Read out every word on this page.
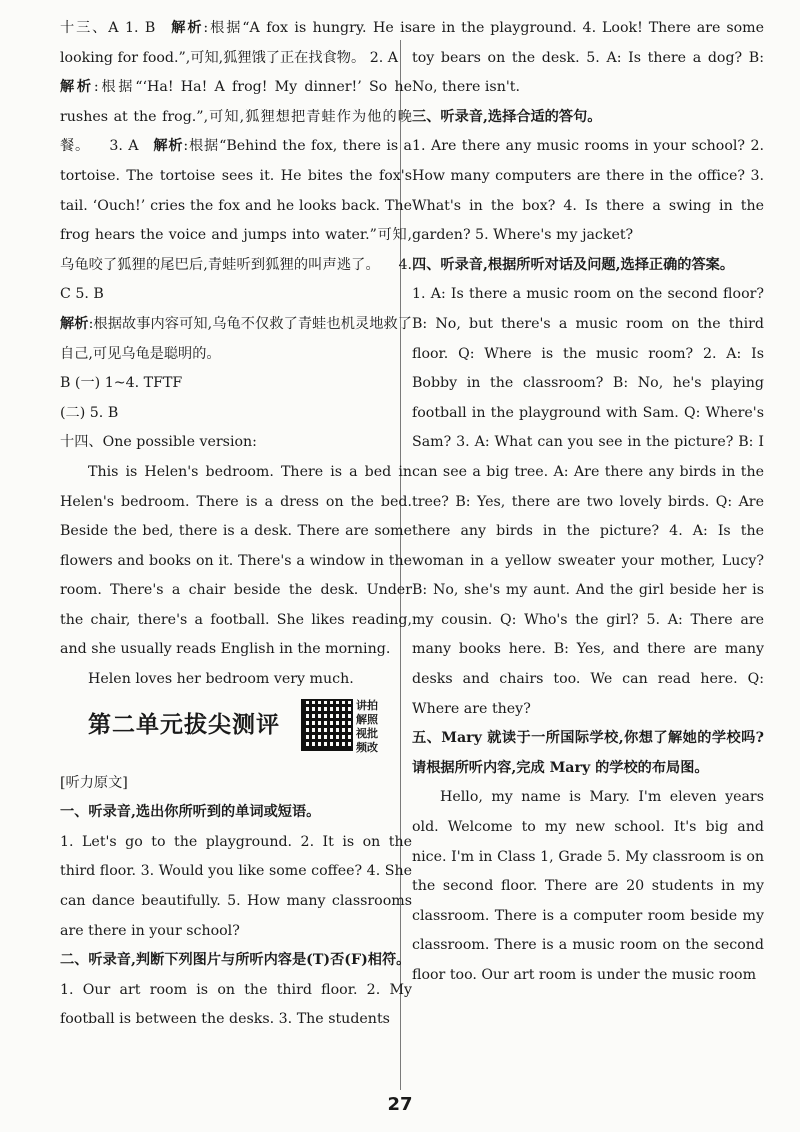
十三、A 1. B 解析:根据“A fox is hungry. He is looking for food.”,可知,狐狸饿了正在找食物。 2. A解析:根据“‘Ha! Ha! A frog! My dinner!’ So he rushes at the frog.”,可知,狐狸想把青蛙作为他的晚餐。 3. A 解析:根据“Behind the fox, there is a tortoise. The tortoise sees it. He bites the fox's tail. ‘Ouch!’ cries the fox and he looks back. The frog hears the voice and jumps into water.”可知,乌龟咬了狐狸的尾巴后,青蛙听到狐狸的叫声逃了。 4. C 5. B

解析:根据故事内容可知,乌龟不仅救了青蛙也机灵地救了自己,可见乌龟是聪明的。

B (一) 1~4. TFTF

(二) 5. B

十四、One possible version:

This is Helen's bedroom. There is a bed in Helen's bedroom. There is a dress on the bed. Beside the bed, there is a desk. There are some flowers and books on it. There's a window in the room. There's a chair beside the desk. Under the chair, there's a football. She likes reading, and she usually reads English in the morning.

Helen loves her bedroom very much.

第二单元拔尖测评
讲拍 解照 视批 频改

[听力原文]

一、听录音,选出你所听到的单词或短语。

1. Let's go to the playground. 2. It is on the third floor. 3. Would you like some coffee? 4. She can dance beautifully. 5. How many classrooms are there in your school?

二、听录音,判断下列图片与所听内容是(T)否(F)相符。

1. Our art room is on the third floor. 2. My football is between the desks. 3. The students

are in the playground. 4. Look! There are some toy bears on the desk. 5. A: Is there a dog? B: No, there isn't.

三、听录音,选择合适的答句。

1. Are there any music rooms in your school? 2. How many computers are there in the office? 3. What's in the box? 4. Is there a swing in the garden? 5. Where's my jacket?

四、听录音,根据所听对话及问题,选择正确的答案。

1. A: Is there a music room on the second floor? B: No, but there's a music room on the third floor. Q: Where is the music room? 2. A: Is Bobby in the classroom? B: No, he's playing football in the playground with Sam. Q: Where's Sam? 3. A: What can you see in the picture? B: I can see a big tree. A: Are there any birds in the tree? B: Yes, there are two lovely birds. Q: Are there any birds in the picture? 4. A: Is the woman in a yellow sweater your mother, Lucy? B: No, she's my aunt. And the girl beside her is my cousin. Q: Who's the girl? 5. A: There are many books here. B: Yes, and there are many desks and chairs too. We can read here. Q: Where are they?

五、Mary 就读于一所国际学校,你想了解她的学校吗?请根据所听内容,完成 Mary 的学校的布局图。

Hello, my name is Mary. I'm eleven years old. Welcome to my new school. It's big and nice. I'm in Class 1, Grade 5. My classroom is on the second floor. There are 20 students in my classroom. There is a computer room beside my classroom. There is a music room on the second floor too. Our art room is under the music room

27
